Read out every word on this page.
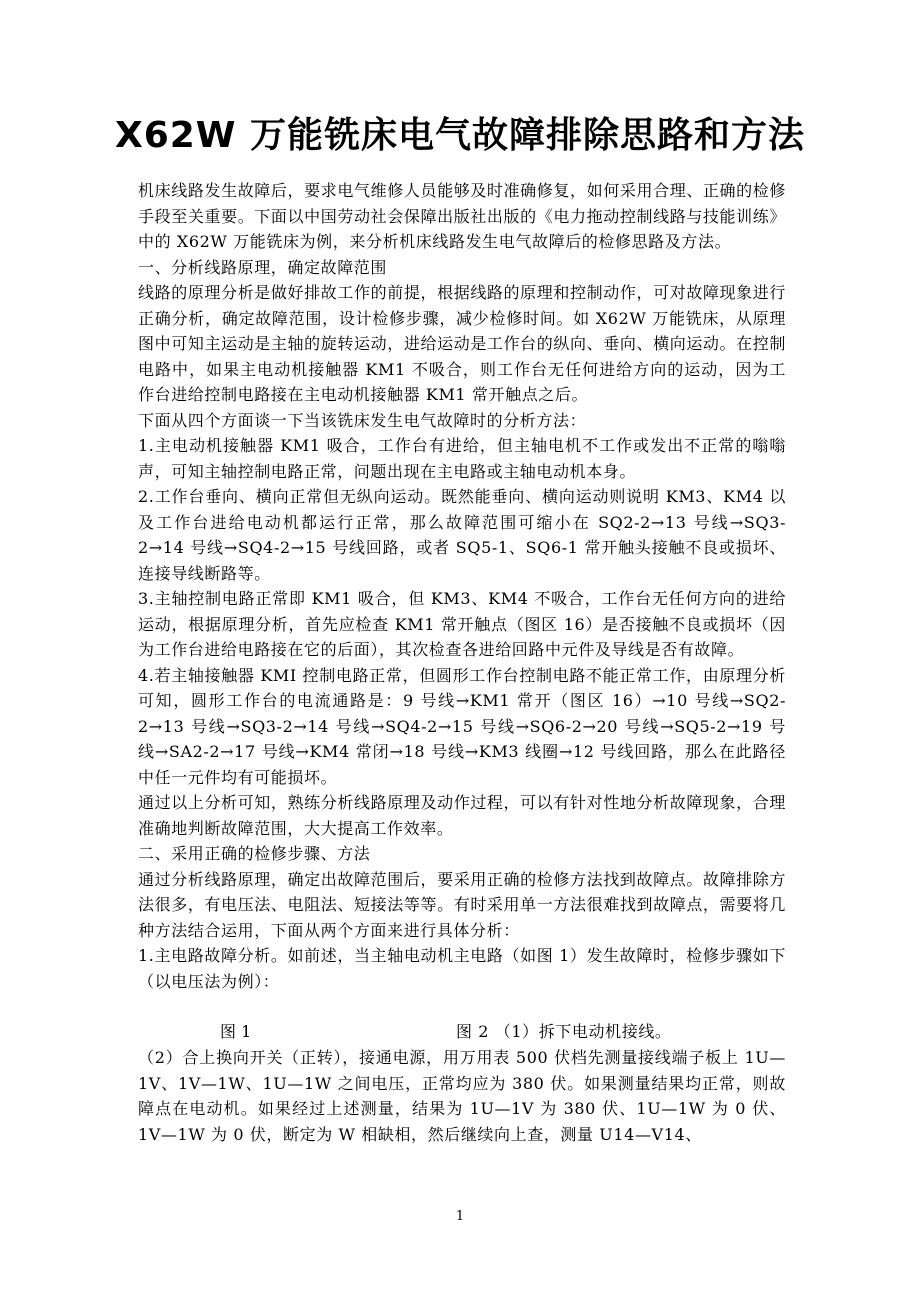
X62W 万能铣床电气故障排除思路和方法

机床线路发生故障后，要求电气维修人员能够及时准确修复，如何采用合理、正确的检修手段至关重要。下面以中国劳动社会保障出版社出版的《电力拖动控制线路与技能训练》中的 X62W 万能铣床为例，来分析机床线路发生电气故障后的检修思路及方法。

一、分析线路原理，确定故障范围

线路的原理分析是做好排故工作的前提，根据线路的原理和控制动作，可对故障现象进行正确分析，确定故障范围，设计检修步骤，减少检修时间。如 X62W 万能铣床，从原理图中可知主运动是主轴的旋转运动，进给运动是工作台的纵向、垂向、横向运动。在控制电路中，如果主电动机接触器 KM1 不吸合，则工作台无任何进给方向的运动，因为工作台进给控制电路接在主电动机接触器 KM1 常开触点之后。

下面从四个方面谈一下当该铣床发生电气故障时的分析方法：

1.主电动机接触器 KM1 吸合，工作台有进给，但主轴电机不工作或发出不正常的嗡嗡声，可知主轴控制电路正常，问题出现在主电路或主轴电动机本身。

2.工作台垂向、横向正常但无纵向运动。既然能垂向、横向运动则说明 KM3、KM4 以及工作台进给电动机都运行正常，那么故障范围可缩小在 SQ2-2→13 号线→SQ3-2→14 号线→SQ4-2→15 号线回路，或者 SQ5-1、SQ6-1 常开触头接触不良或损坏、连接导线断路等。

3.主轴控制电路正常即 KM1 吸合，但 KM3、KM4 不吸合，工作台无任何方向的进给运动，根据原理分析，首先应检查 KM1 常开触点（图区 16）是否接触不良或损坏（因为工作台进给电路接在它的后面），其次检查各进给回路中元件及导线是否有故障。

4.若主轴接触器 KMI 控制电路正常，但圆形工作台控制电路不能正常工作，由原理分析可知，圆形工作台的电流通路是：9 号线→KM1 常开（图区 16）→10 号线→SQ2-2→13 号线→SQ3-2→14 号线→SQ4-2→15 号线→SQ6-2→20 号线→SQ5-2→19 号线→SA2-2→17 号线→KM4 常闭→18 号线→KM3 线圈→12 号线回路，那么在此路径中任一元件均有可能损坏。

通过以上分析可知，熟练分析线路原理及动作过程，可以有针对性地分析故障现象，合理准确地判断故障范围，大大提高工作效率。

二、采用正确的检修步骤、方法

通过分析线路原理，确定出故障范围后，要采用正确的检修方法找到故障点。故障排除方法很多，有电压法、电阻法、短接法等等。有时采用单一方法很难找到故障点，需要将几种方法结合运用，下面从两个方面来进行具体分析：

1.主电路故障分析。如前述，当主轴电动机主电路（如图 1）发生故障时，检修步骤如下（以电压法为例）：

图 1	图 2 （1）拆下电动机接线。

（2）合上换向开关（正转），接通电源，用万用表 500 伏档先测量接线端子板上 1U—1V、1V—1W、1U—1W 之间电压，正常均应为 380 伏。如果测量结果均正常，则故障点在电动机。如果经过上述测量，结果为 1U—1V 为 380 伏、1U—1W 为 0 伏、1V—1W 为 0 伏，断定为 W 相缺相，然后继续向上查，测量 U14—V14、

1
